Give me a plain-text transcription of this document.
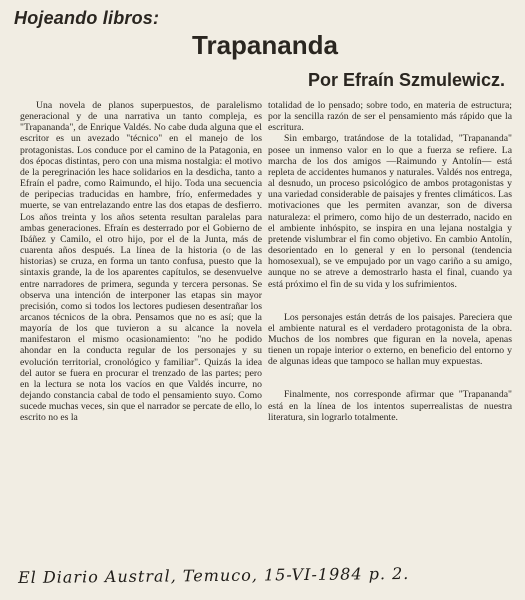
Hojeando libros:
Trapananda
Por Efraín Szmulewicz.

Una novela de planos superpuestos, de paralelismo generacional y de una narrativa un tanto compleja, es "Trapananda", de Enrique Valdés. No cabe duda alguna que el escritor es un avezado "técnico" en el manejo de los protagonistas. Los conduce por el camino de la Patagonia, en dos épocas distintas, pero con una misma nostalgia: el motivo de la peregrinación les hace solidarios en la desdicha, tanto a Efraín el padre, como Raimundo, el hijo. Toda una secuencia de peripecias traducidas en hambre, frío, enfermedades y muerte, se van entrelazando entre las dos etapas de desfierro. Los años treinta y los años setenta resultan paralelas para ambas generaciones. Efraín es desterrado por el Gobierno de Ibáñez y Camilo, el otro hijo, por el de la Junta, más de cuarenta años después. La línea de la historia (o de las historias) se cruza, en forma un tanto confusa, puesto que la sintaxis grande, la de los aparentes capítulos, se desenvuelve entre narradores de primera, segunda y tercera personas. Se observa una intención de interponer las etapas sin mayor precisión, como si todos los lectores pudiesen desentrañar los arcanos técnicos de la obra. Pensamos que no es así; que la mayoría de los que tuvieron a su alcance la novela manifestaron el mismo ocasionamiento: "no he podido ahondar en la conducta regular de los personajes y su evolución territorial, cronológico y familiar". Quizás la idea del autor se fuera en procurar el trenzado de las partes; pero en la lectura se nota los vacíos en que Valdés incurre, no dejando constancia cabal de todo el pensamiento suyo. Como sucede muchas veces, sin que el narrador se percate de ello, lo escrito no es la

totalidad de lo pensado; sobre todo, en materia de estructura; por la sencilla razón de ser el pensamiento más rápido que la escritura.

Sin embargo, tratándose de la totalidad, "Trapananda" posee un inmenso valor en lo que a fuerza se refiere. La marcha de los dos amigos —Raimundo y Antolín— está repleta de accidentes humanos y naturales. Valdés nos entrega, al desnudo, un proceso psicológico de ambos protagonistas y una variedad considerable de paisajes y frentes climáticos. Las motivaciones que les permiten avanzar, son de diversa naturaleza: el primero, como hijo de un desterrado, nacido en el ambiente inhóspito, se inspira en una lejana nostalgia y pretende vislumbrar el fin como objetivo. En cambio Antolín, desorientado en lo general y en lo personal (tendencia homosexual), se ve empujado por un vago cariño a su amigo, aunque no se atreve a demostrarlo hasta el final, cuando ya está próximo el fin de su vida y los sufrimientos.

Los personajes están detrás de los paisajes. Pareciera que el ambiente natural es el verdadero protagonista de la obra. Muchos de los nombres que figuran en la novela, apenas tienen un ropaje interior o externo, en beneficio del entorno y de algunas ideas que tampoco se hallan muy expuestas.

Finalmente, nos corresponde afirmar que "Trapananda" está en la línea de los intentos superrealistas de nuestra literatura, sin lograrlo totalmente.

El Diario Austral, Temuco, 15-VI-1984 p. 2.
